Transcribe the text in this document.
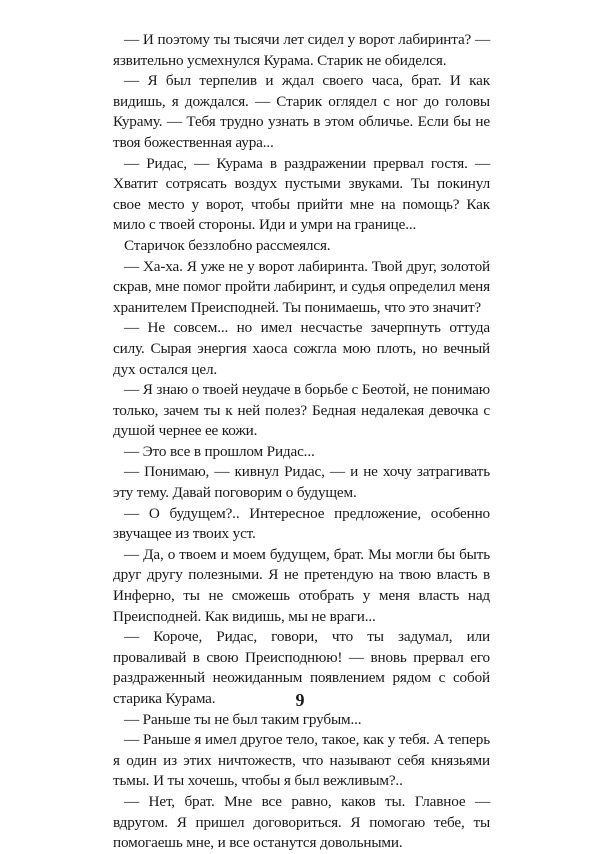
— И поэтому ты тысячи лет сидел у ворот лабиринта? — язвительно усмехнулся Курама. Старик не обиделся.

— Я был терпелив и ждал своего часа, брат. И как видишь, я дождался. — Старик оглядел с ног до головы Кураму. — Тебя трудно узнать в этом обличье. Если бы не твоя божественная аура...

— Ридас, — Курама в раздражении прервал гостя. — Хватит сотрясать воздух пустыми звуками. Ты покинул свое место у ворот, чтобы прийти мне на помощь? Как мило с твоей стороны. Иди и умри на границе...

Старичок беззлобно рассмеялся.

— Ха-ха. Я уже не у ворот лабиринта. Твой друг, золотой скрав, мне помог пройти лабиринт, и судья определил меня хранителем Преисподней. Ты понимаешь, что это значит?

— Не совсем... но имел несчастье зачерпнуть оттуда силу. Сырая энергия хаоса сожгла мою плоть, но вечный дух остался цел.

— Я знаю о твоей неудаче в борьбе с Беотой, не понимаю только, зачем ты к ней полез? Бедная недалекая девочка с душой чернее ее кожи.

— Это все в прошлом Ридас...

— Понимаю, — кивнул Ридас, — и не хочу затрагивать эту тему. Давай поговорим о будущем.

— О будущем?.. Интересное предложение, особенно звучащее из твоих уст.

— Да, о твоем и моем будущем, брат. Мы могли бы быть друг другу полезными. Я не претендую на твою власть в Инферно, ты не сможешь отобрать у меня власть над Преисподней. Как видишь, мы не враги...

— Короче, Ридас, говори, что ты задумал, или проваливай в свою Преисподнюю! — вновь прервал его раздраженный неожиданным появлением рядом с собой старика Курама.

— Раньше ты не был таким грубым...

— Раньше я имел другое тело, такое, как у тебя. А теперь я один из этих ничтожеств, что называют себя князьями тьмы. И ты хочешь, чтобы я был вежливым?..

— Нет, брат. Мне все равно, каков ты. Главное — вдругом. Я пришел договориться. Я помогаю тебе, ты помогаешь мне, и все останутся довольными.

9
